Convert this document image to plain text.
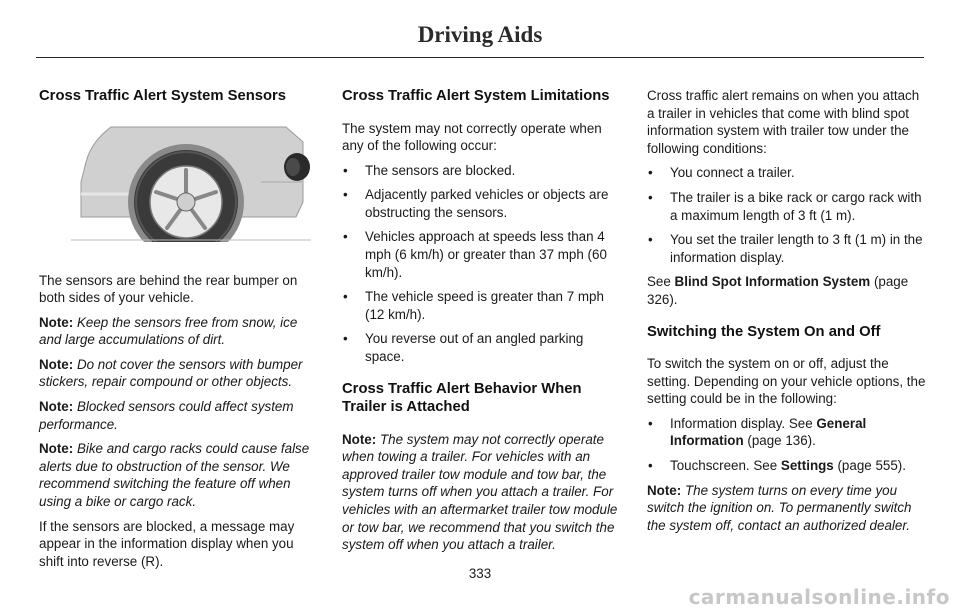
Driving Aids
Cross Traffic Alert System Sensors

The sensors are behind the rear bumper on both sides of your vehicle.

Note: Keep the sensors free from snow, ice and large accumulations of dirt.

Note: Do not cover the sensors with bumper stickers, repair compound or other objects.

Note: Blocked sensors could affect system performance.

Note: Bike and cargo racks could cause false alerts due to obstruction of the sensor. We recommend switching the feature off when using a bike or cargo rack.

If the sensors are blocked, a message may appear in the information display when you shift into reverse (R).

Cross Traffic Alert System Limitations

The system may not correctly operate when any of the following occur:

• The sensors are blocked.
• Adjacently parked vehicles or objects are obstructing the sensors.
• Vehicles approach at speeds less than 4 mph (6 km/h) or greater than 37 mph (60 km/h).
• The vehicle speed is greater than 7 mph (12 km/h).
• You reverse out of an angled parking space.
Cross Traffic Alert Behavior When Trailer is Attached

Note: The system may not correctly operate when towing a trailer. For vehicles with an approved trailer tow module and tow bar, the system turns off when you attach a trailer. For vehicles with an aftermarket trailer tow module or tow bar, we recommend that you switch the system off when you attach a trailer.

Cross traffic alert remains on when you attach a trailer in vehicles that come with blind spot information system with trailer tow under the following conditions:

• You connect a trailer.
• The trailer is a bike rack or cargo rack with a maximum length of 3 ft (1 m).
• You set the trailer length to 3 ft (1 m) in the information display.

See Blind Spot Information System (page 326).

Switching the System On and Off

To switch the system on or off, adjust the setting. Depending on your vehicle options, the setting could be in the following:

• Information display. See General Information (page 136).
• Touchscreen. See Settings (page 555).

Note: The system turns on every time you switch the ignition on. To permanently switch the system off, contact an authorized dealer.

333
carmanualsonline.info
